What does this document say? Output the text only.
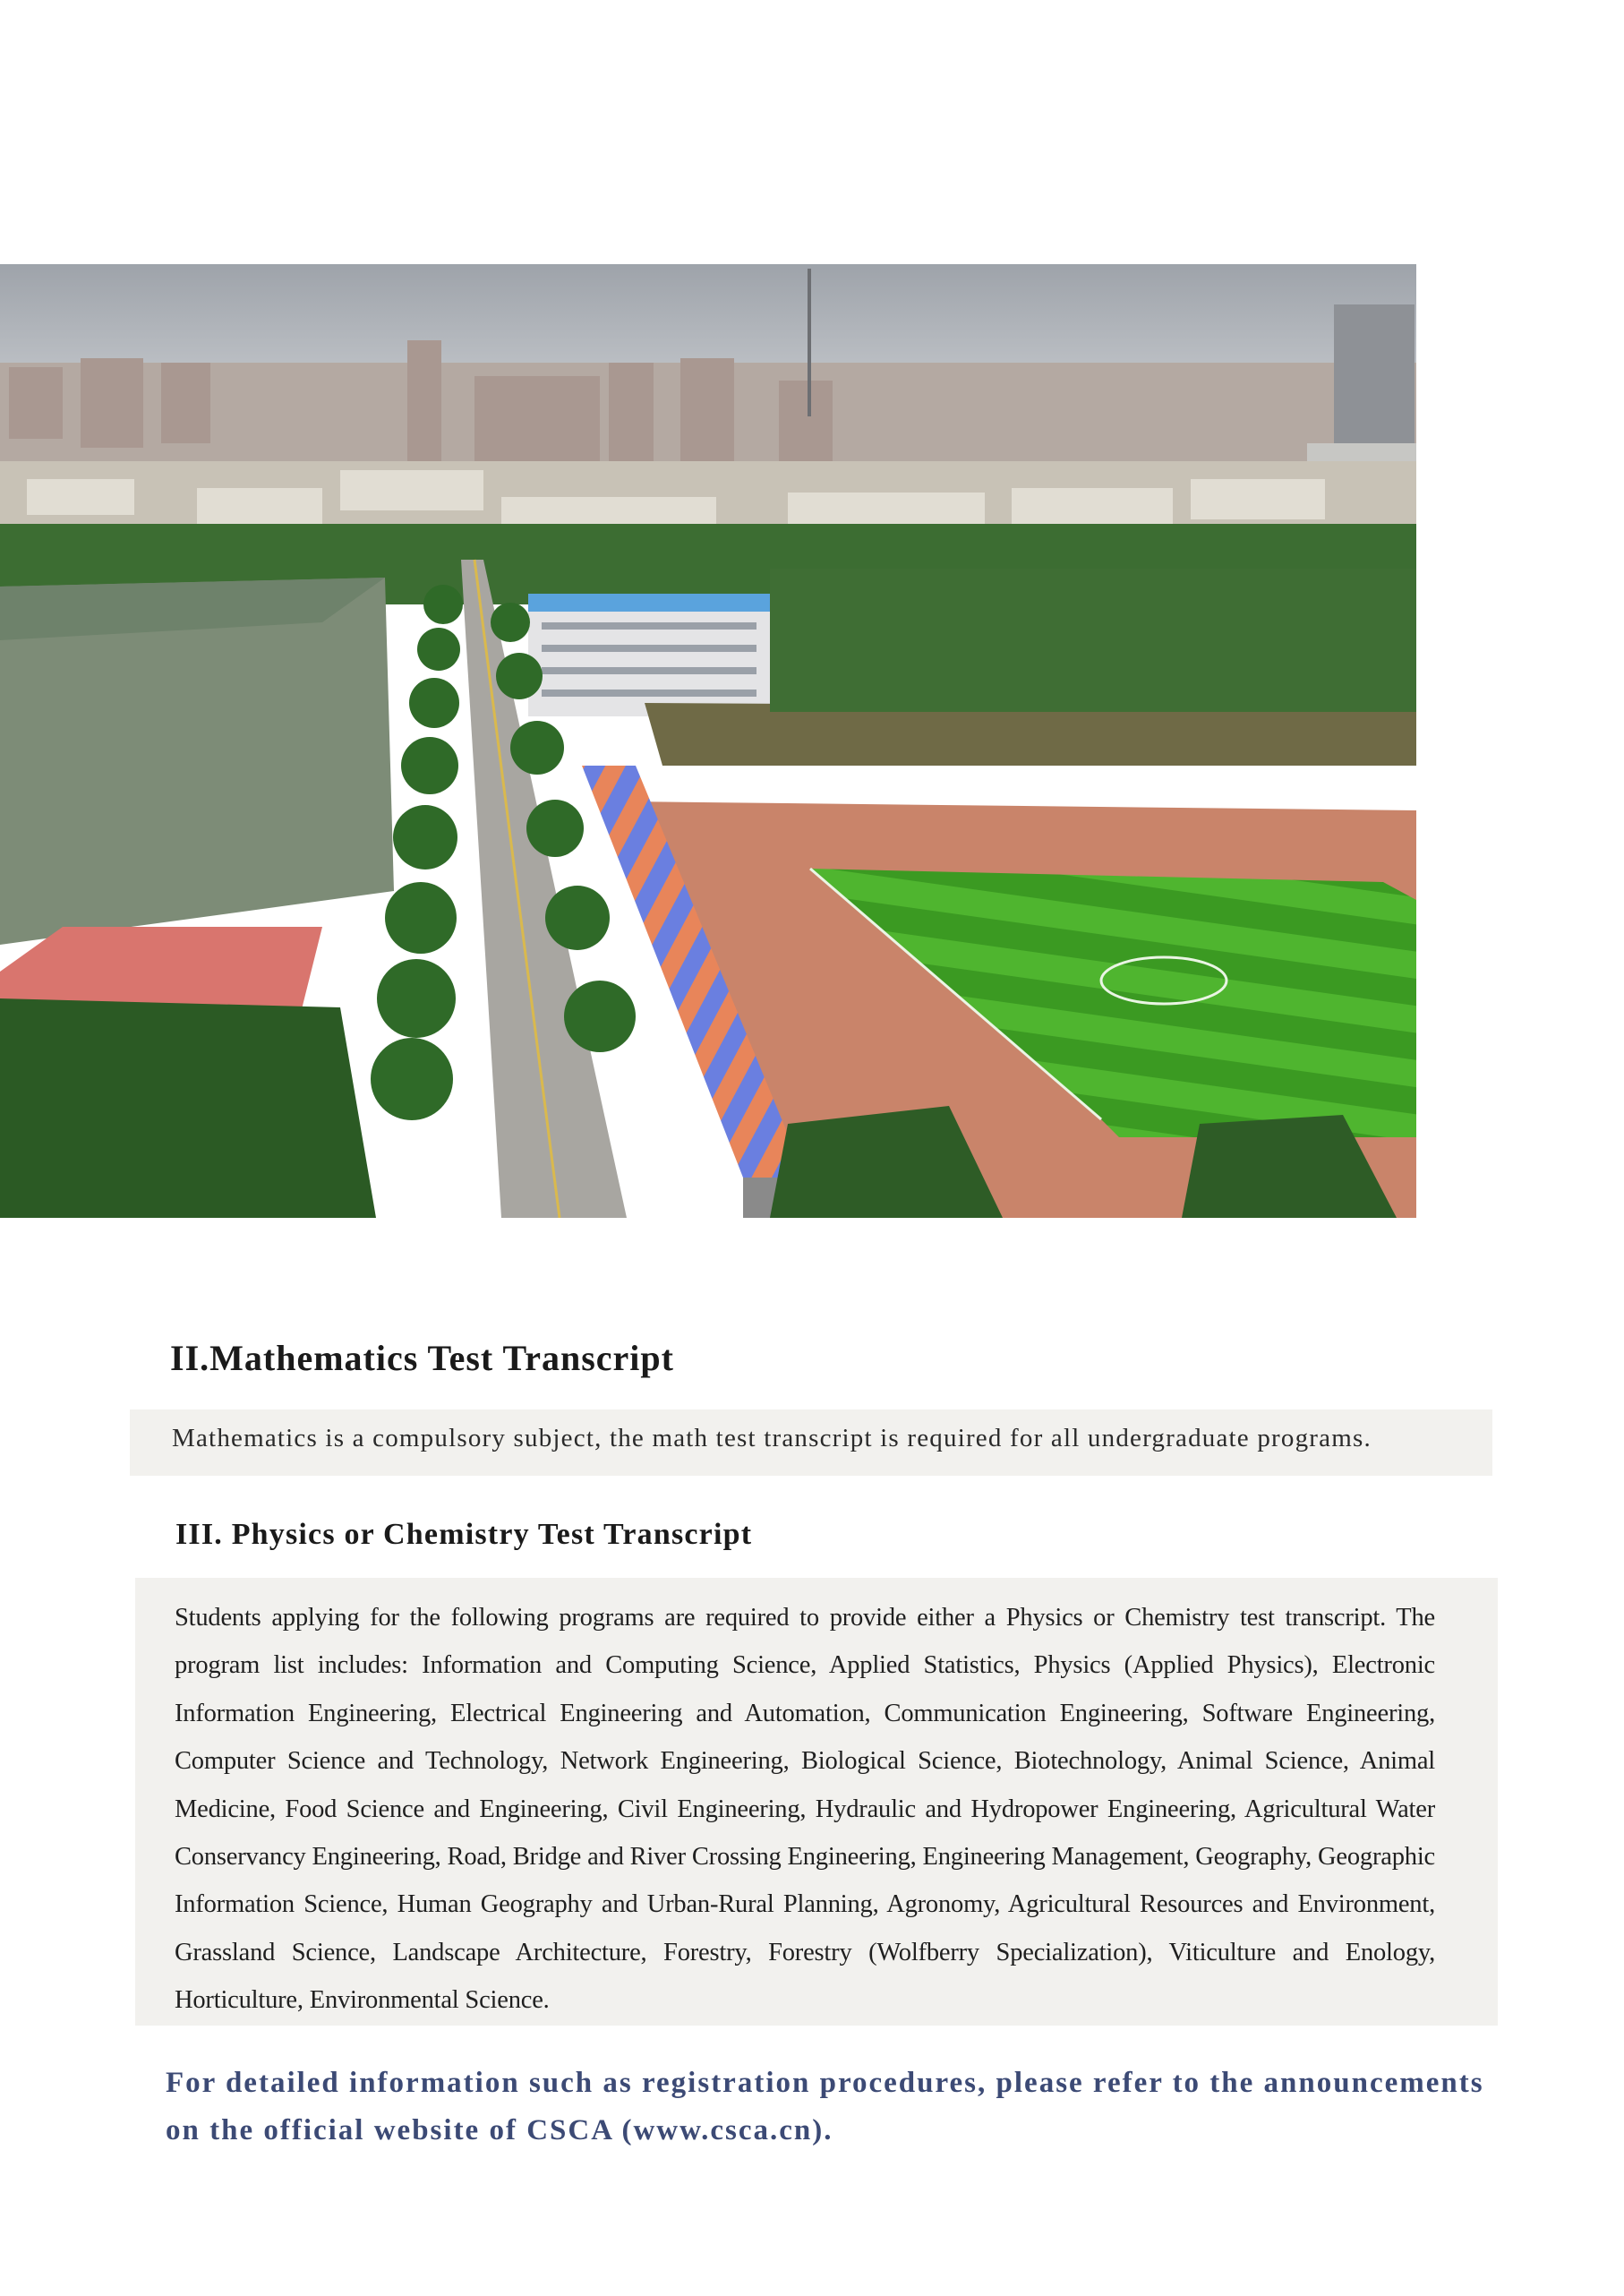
II.Mathematics Test Transcript

Mathematics is a compulsory subject, the math test transcript is required for all undergraduate programs.

III. Physics or Chemistry Test Transcript

Students applying for the following programs are required to provide either a Physics or Chemistry test transcript. The program list includes: Information and Computing Science, Applied Statistics, Physics (Applied Physics), Electronic Information Engineering, Electrical Engineering and Automation, Communication Engineering, Software Engineering, Computer Science and Technology, Network Engineering, Biological Science, Biotechnology, Animal Science, Animal Medicine, Food Science and Engineering, Civil Engineering, Hydraulic and Hydropower Engineering, Agricultural Water Conservancy Engineering, Road, Bridge and River Crossing Engineering, Engineering Management, Geography, Geographic Information Science, Human Geography and Urban-Rural Planning, Agronomy, Agricultural Resources and Environment, Grassland Science, Landscape Architecture, Forestry, Forestry (Wolfberry Specialization), Viticulture and Enology, Horticulture, Environmental Science.

For detailed information such as registration procedures, please refer to the announcements on the official website of CSCA (www.csca.cn).
